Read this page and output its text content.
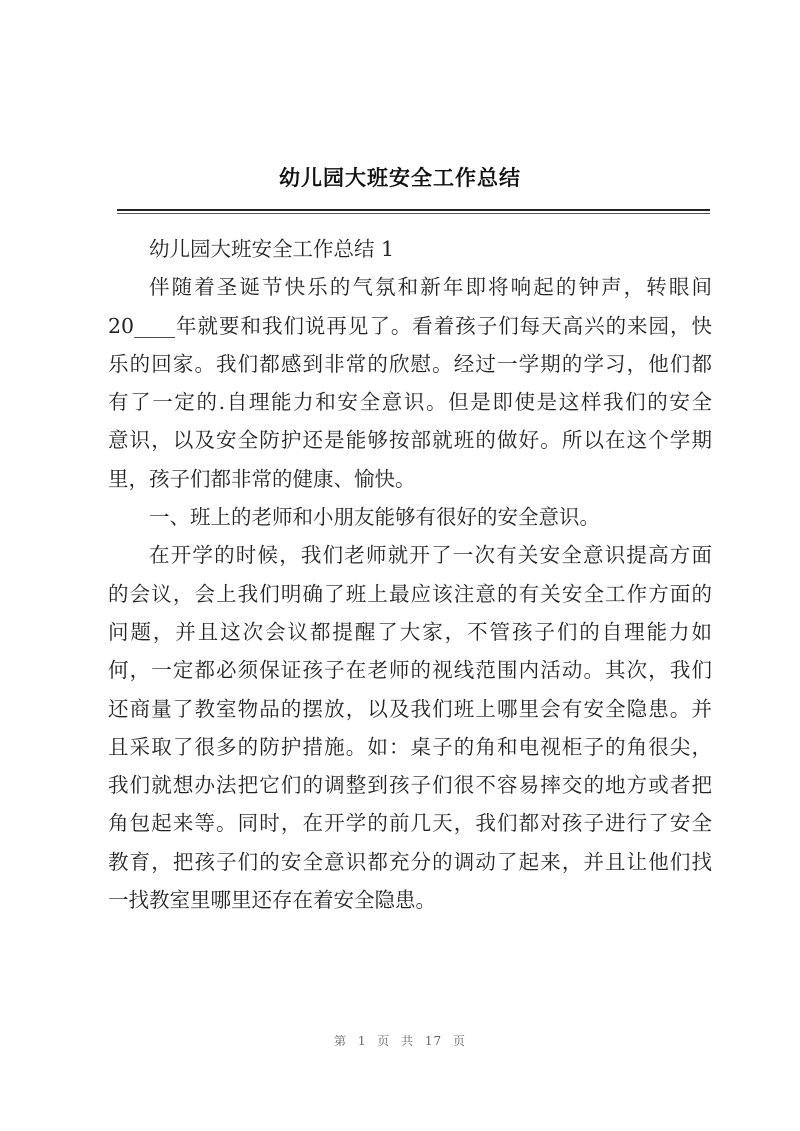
幼儿园大班安全工作总结
幼儿园大班安全工作总结 1
伴随着圣诞节快乐的气氛和新年即将响起的钟声，转眼间
20____年就要和我们说再见了。看着孩子们每天高兴的来园，快
乐的回家。我们都感到非常的欣慰。经过一学期的学习，他们都
有了一定的.自理能力和安全意识。但是即使是这样我们的安全
意识，以及安全防护还是能够按部就班的做好。所以在这个学期
里，孩子们都非常的健康、愉快。
一、班上的老师和小朋友能够有很好的安全意识。
在开学的时候，我们老师就开了一次有关安全意识提高方面
的会议，会上我们明确了班上最应该注意的有关安全工作方面的
问题，并且这次会议都提醒了大家，不管孩子们的自理能力如
何，一定都必须保证孩子在老师的视线范围内活动。其次，我们
还商量了教室物品的摆放，以及我们班上哪里会有安全隐患。并
且采取了很多的防护措施。如：桌子的角和电视柜子的角很尖，
我们就想办法把它们的调整到孩子们很不容易摔交的地方或者把
角包起来等。同时，在开学的前几天，我们都对孩子进行了安全
教育，把孩子们的安全意识都充分的调动了起来，并且让他们找
一找教室里哪里还存在着安全隐患。
第 1 页 共 17 页
